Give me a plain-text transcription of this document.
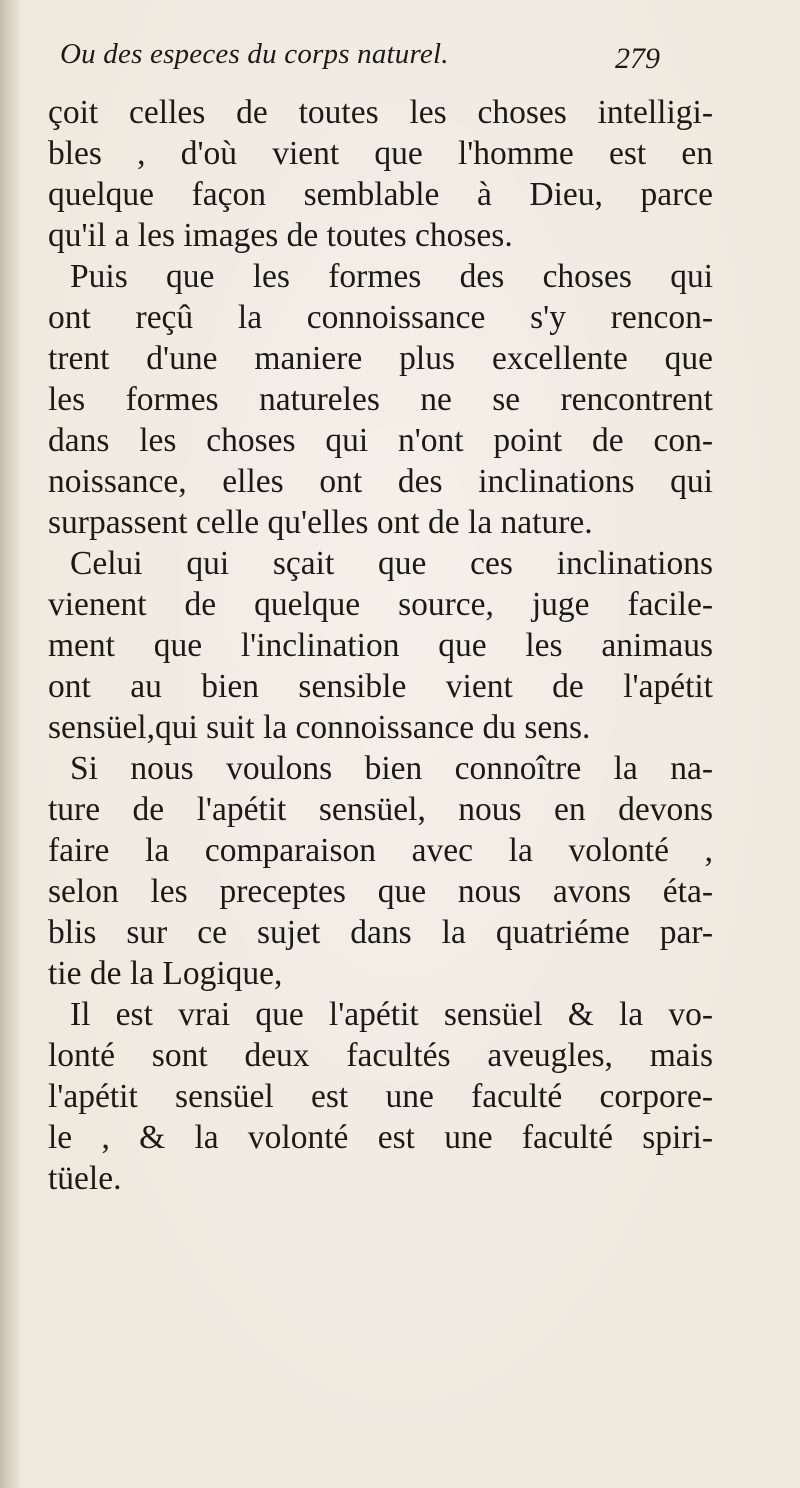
Ou des especes du corps naturel.	279
çoit celles de toutes les choses intelligi-
bles , d'où vient que l'homme est en
quelque façon semblable à Dieu, parce
qu'il a les images de toutes choses.
Puis que les formes des choses qui
ont reçû la connoissance s'y rencon-
trent d'une maniere plus excellente que
les formes natureles ne se rencontrent
dans les choses qui n'ont point de con-
noissance, elles ont des inclinations qui
surpassent celle qu'elles ont de la nature.
Celui qui sçait que ces inclinations
vienent de quelque source, juge facile-
ment que l'inclination que les animaus
ont au bien sensible vient de l'apétit
sensüel,qui suit la connoissance du sens.
Si nous voulons bien connoître la na-
ture de l'apétit sensüel, nous en devons
faire la comparaison avec la volonté ,
selon les preceptes que nous avons éta-
blis sur ce sujet dans la quatriéme par-
tie de la Logique,
Il est vrai que l'apétit sensüel & la vo-
lonté sont deux facultés aveugles, mais
l'apétit sensüel est une faculté corpore-
le , & la volonté est une faculté spiri-
tüele.
